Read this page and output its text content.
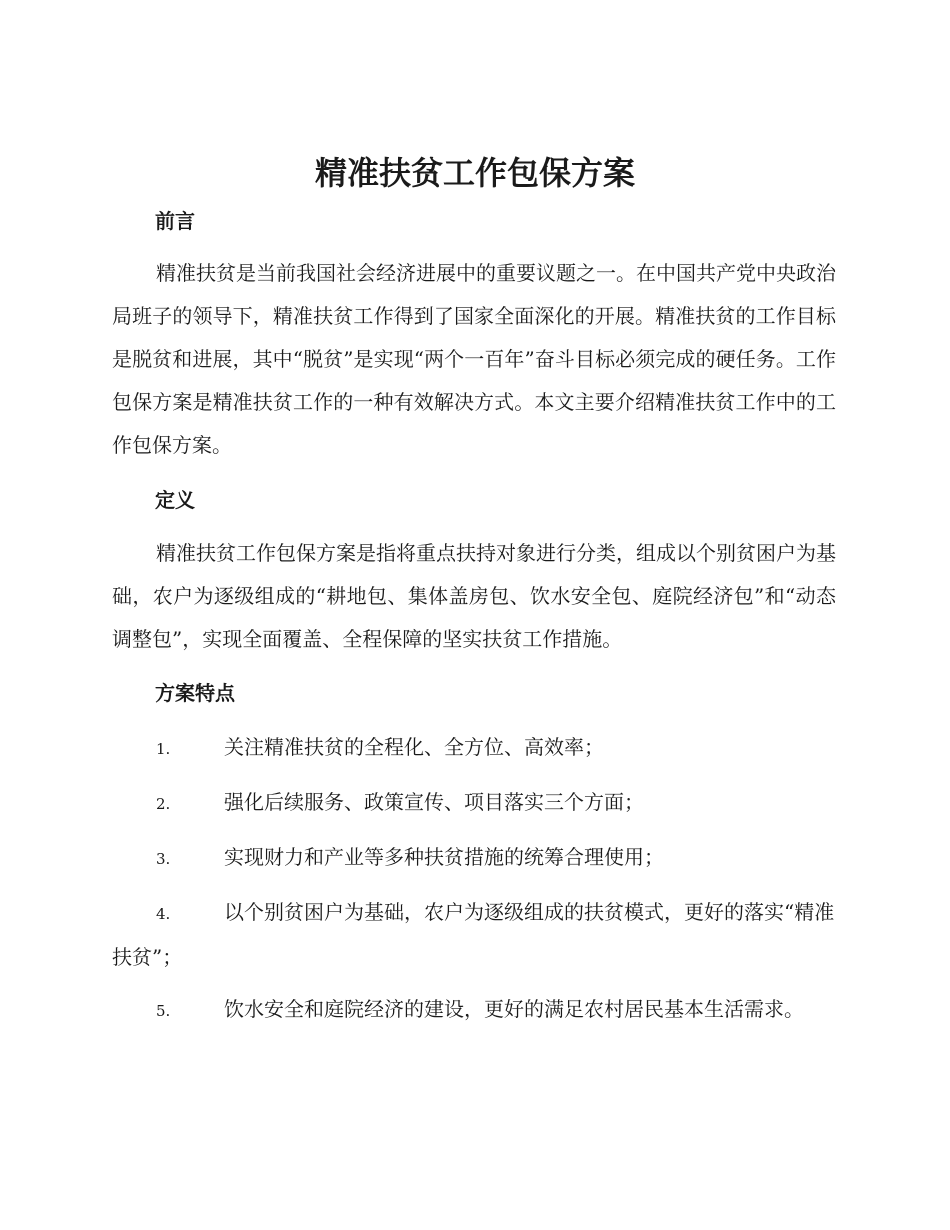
精准扶贫工作包保方案
前言

精准扶贫是当前我国社会经济进展中的重要议题之一。在中国共产党中央政治局班子的领导下，精准扶贫工作得到了国家全面深化的开展。精准扶贫的工作目标是脱贫和进展，其中“脱贫”是实现“两个一百年”奋斗目标必须完成的硬任务。工作包保方案是精准扶贫工作的一种有效解决方式。本文主要介绍精准扶贫工作中的工作包保方案。

定义

精准扶贫工作包保方案是指将重点扶持对象进行分类，组成以个别贫困户为基础，农户为逐级组成的“耕地包、集体盖房包、饮水安全包、庭院经济包”和“动态调整包”，实现全面覆盖、全程保障的坚实扶贫工作措施。

方案特点
1.	关注精准扶贫的全程化、全方位、高效率；
2.	强化后续服务、政策宣传、项目落实三个方面；
3.	实现财力和产业等多种扶贫措施的统筹合理使用；
4.	以个别贫困户为基础，农户为逐级组成的扶贫模式，更好的落实“精准扶贫”；
5.	饮水安全和庭院经济的建设，更好的满足农村居民基本生活需求。
